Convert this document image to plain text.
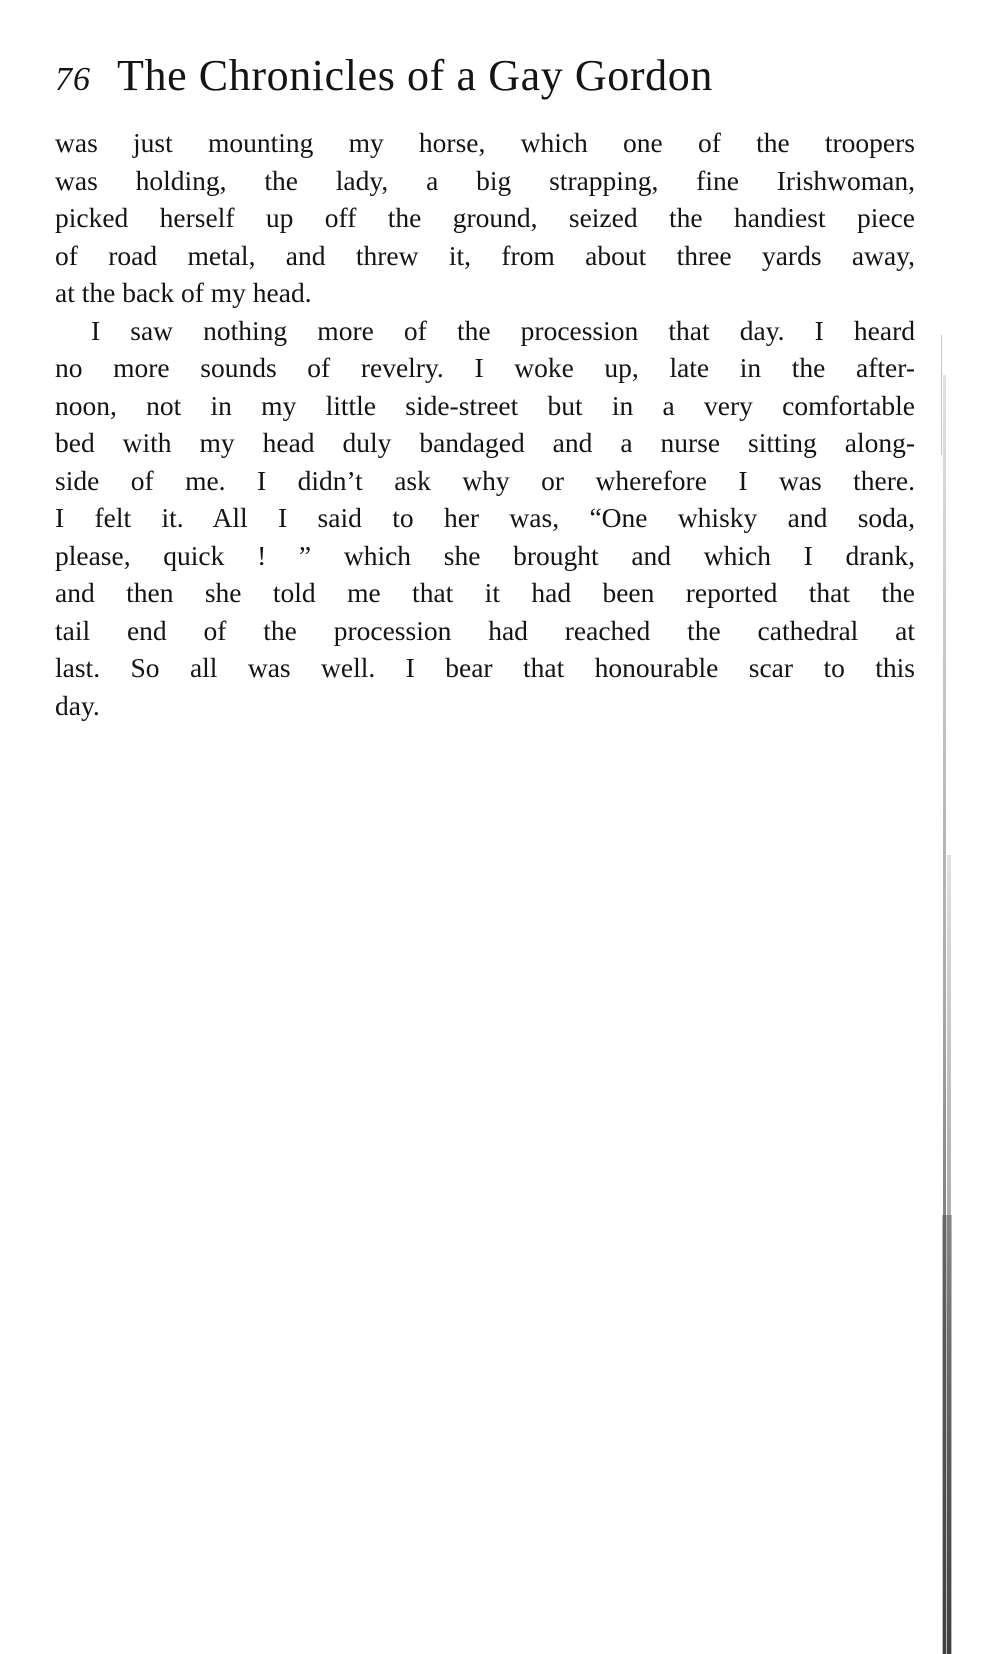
76 The Chronicles of a Gay Gordon
was just mounting my horse, which one of the troopers
was holding, the lady, a big strapping, fine Irishwoman,
picked herself up off the ground, seized the handiest piece
of road metal, and threw it, from about three yards away,
at the back of my head.
I saw nothing more of the procession that day. I heard
no more sounds of revelry. I woke up, late in the after-
noon, not in my little side-street but in a very comfortable
bed with my head duly bandaged and a nurse sitting along-
side of me. I didn’t ask why or wherefore I was there.
I felt it. All I said to her was, “One whisky and soda,
please, quick ! ” which she brought and which I drank,
and then she told me that it had been reported that the
tail end of the procession had reached the cathedral at
last. So all was well. I bear that honourable scar to this
day.
